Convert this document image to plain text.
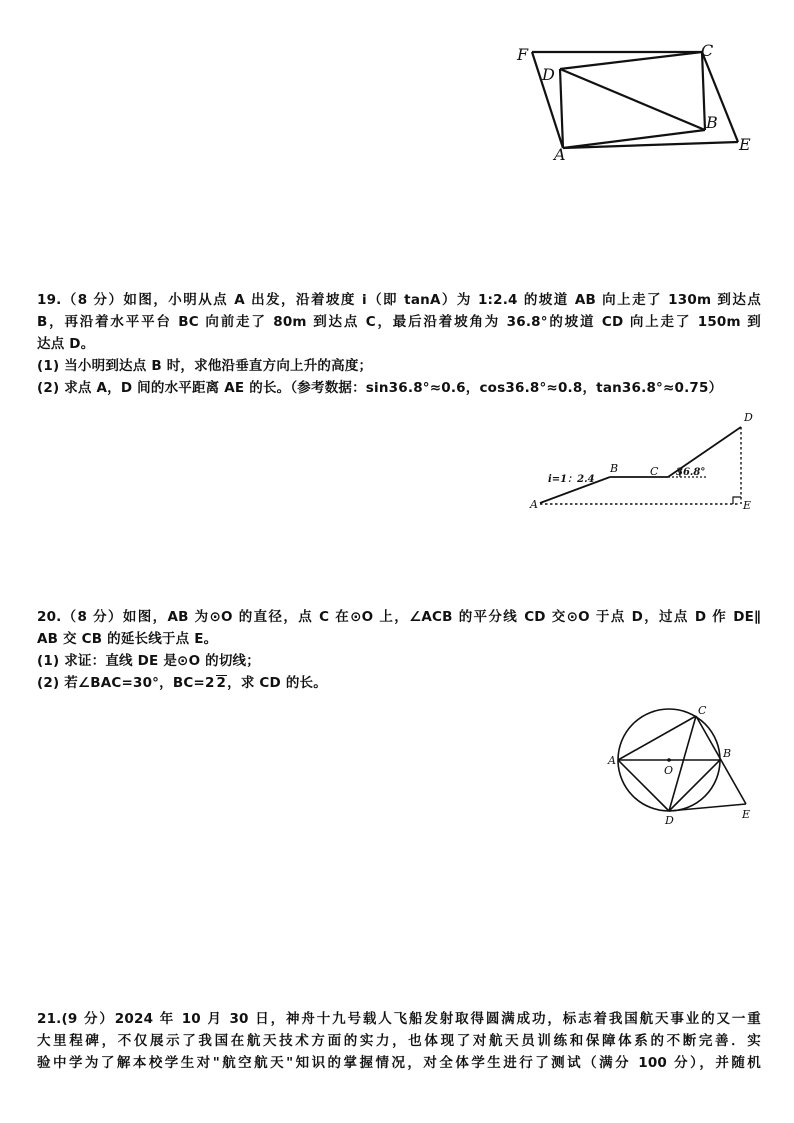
F	C
D
B
A
E
19.（8 分）如图，小明从点 A 出发，沿着坡度 i（即 tanA）为 1:2.4 的坡道 AB 向上走了 130m 到达点
B，再沿着水平平台 BC 向前走了 80m 到达点 C，最后沿着坡角为 36.8°的坡道 CD 向上走了 150m 到
达点 D。
(1) 当小明到达点 B 时，求他沿垂直方向上升的高度；
(2) 求点 A，D 间的水平距离 AE 的长。（参考数据：sin36.8°≈0.6，cos36.8°≈0.8，tan36.8°≈0.75）
D
B	C
A	E
i=1：2.4
36.8°
20.（8 分）如图，AB 为⊙O 的直径，点 C 在⊙O 上，∠ACB 的平分线 CD 交⊙O 于点 D，过点 D 作 DE∥
AB 交 CB 的延长线于点 E。
(1) 求证：直线 DE 是⊙O 的切线；
(2) 若∠BAC=30°，BC=2 2，求 CD 的长。
C
A
B
O
D	E
21.(9 分）2024 年 10 月 30 日，神舟十九号载人飞船发射取得圆满成功，标志着我国航天事业的又一重
大里程碑，不仅展示了我国在航天技术方面的实力，也体现了对航天员训练和保障体系的不断完善．实
验中学为了解本校学生对"航空航天"知识的掌握情况，对全体学生进行了测试（满分 100 分），并随机
